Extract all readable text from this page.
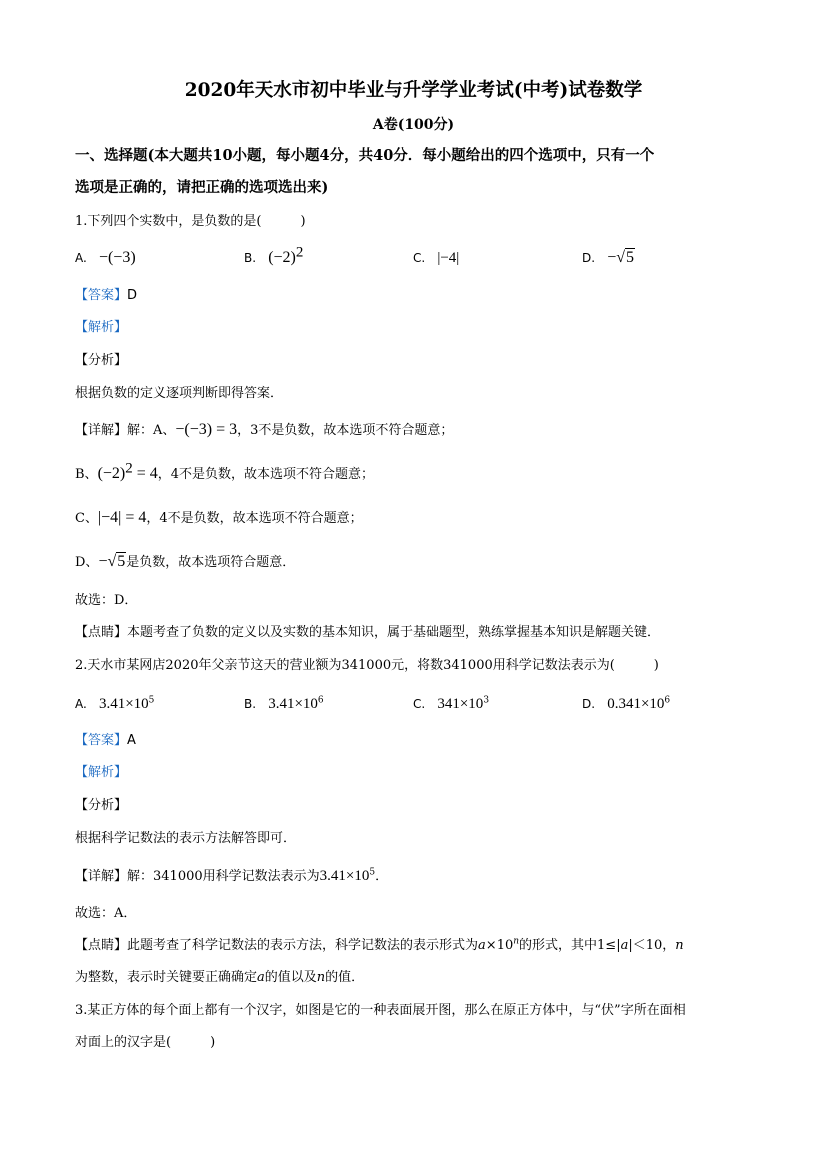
2020年天水市初中毕业与升学学业考试(中考)试卷数学
A卷(100分)
一、选择题(本大题共10小题，每小题4分，共40分．每小题给出的四个选项中，只有一个
选项是正确的，请把正确的选项选出来)
1.下列四个实数中，是负数的是(　　　)
A. −(−3)	B. $(-2)^2$	C. |−4|	D. −√5
【答案】D
【解析】
【分析】
根据负数的定义逐项判断即得答案．
【详解】解：A、−(−3) = 3，3不是负数，故本选项不符合题意；
B、$(-2)^2 = 4$，4不是负数，故本选项不符合题意；
C、|−4| = 4，4不是负数，故本选项不符合题意；
D、−√5是负数，故本选项符合题意．
故选：D．
【点睛】本题考查了负数的定义以及实数的基本知识，属于基础题型，熟练掌握基本知识是解题关键．
2.天水市某网店2020年父亲节这天的营业额为341000元，将数341000用科学记数法表示为(　　　)
A. $3.41\times 10^5$	B. $3.41\times 10^6$	C. $341\times 10^3$	D. $0.341\times 10^6$
【答案】A
【解析】
【分析】
根据科学记数法的表示方法解答即可．
【详解】解：341000用科学记数法表示为$3.41\times 10^5$．
故选：A．
【点睛】此题考查了科学记数法的表示方法，科学记数法的表示形式为$a\times 10^n$的形式，其中1≤|a|＜10，n
为整数，表示时关键要正确确定a的值以及n的值．
3.某正方体的每个面上都有一个汉字，如图是它的一种表面展开图，那么在原正方体中，与“伏”字所在面相
对面上的汉字是(　　　)
